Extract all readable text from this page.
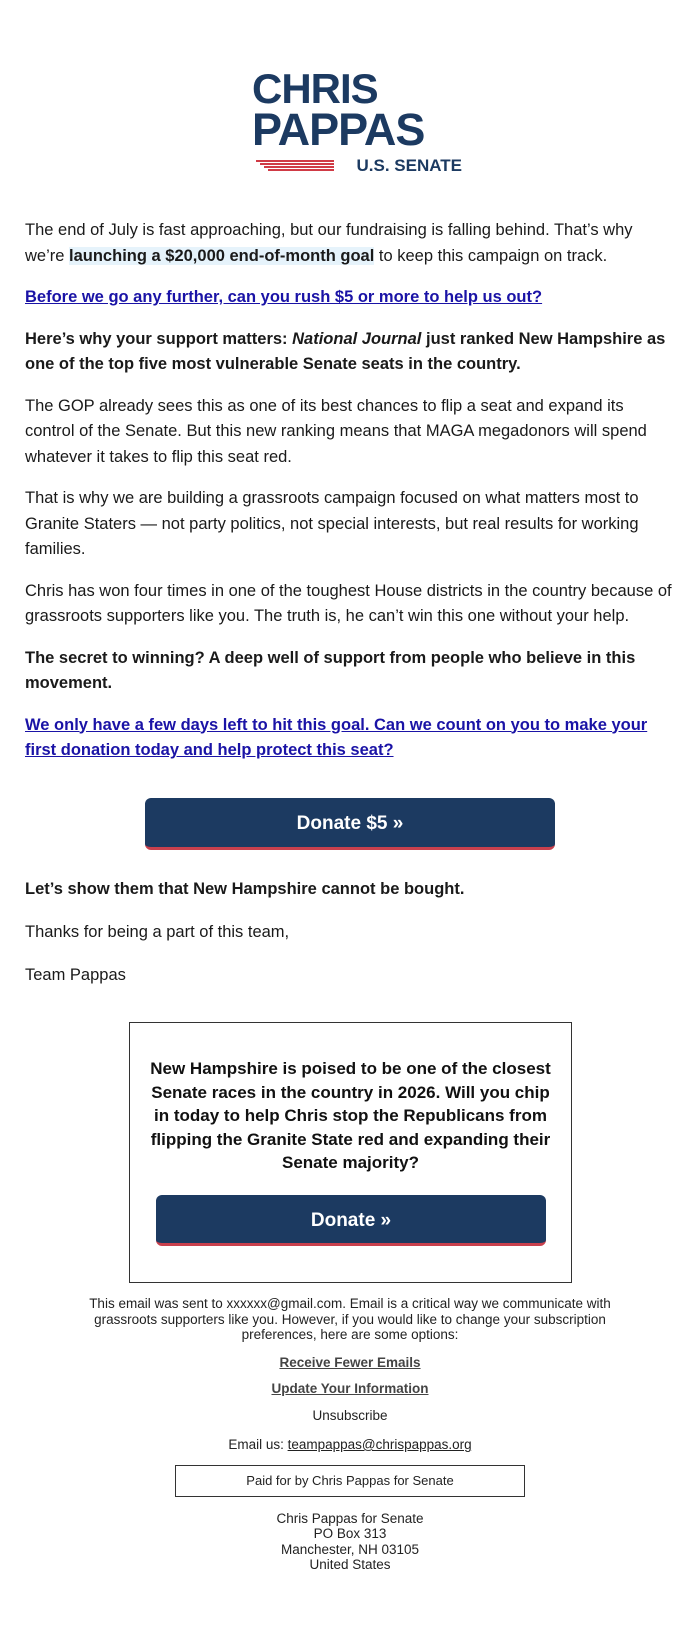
CHRIS
PAPPAS
U.S. SENATE

The end of July is fast approaching, but our fundraising is falling behind. That’s why we’re launching a $20,000 end-of-month goal to keep this campaign on track.

Before we go any further, can you rush $5 or more to help us out?

Here’s why your support matters: National Journal just ranked New Hampshire as one of the top five most vulnerable Senate seats in the country.

The GOP already sees this as one of its best chances to flip a seat and expand its control of the Senate. But this new ranking means that MAGA megadonors will spend whatever it takes to flip this seat red.

That is why we are building a grassroots campaign focused on what matters most to Granite Staters — not party politics, not special interests, but real results for working families.

Chris has won four times in one of the toughest House districts in the country because of grassroots supporters like you. The truth is, he can’t win this one without your help.

The secret to winning? A deep well of support from people who believe in this movement.

We only have a few days left to hit this goal. Can we count on you to make your first donation today and help protect this seat?

Donate $5 »

Let’s show them that New Hampshire cannot be bought.

Thanks for being a part of this team,

Team Pappas

New Hampshire is poised to be one of the closest Senate races in the country in 2026. Will you chip in today to help Chris stop the Republicans from flipping the Granite State red and expanding their Senate majority?
Donate »

This email was sent to xxxxxx@gmail.com. Email is a critical way we communicate with grassroots supporters like you. However, if you would like to change your subscription preferences, here are some options:

Receive Fewer Emails
Update Your Information
Unsubscribe

Email us: teampappas@chrispappas.org

Paid for by Chris Pappas for Senate
Chris Pappas for Senate
PO Box 313
Manchester, NH 03105
United States
